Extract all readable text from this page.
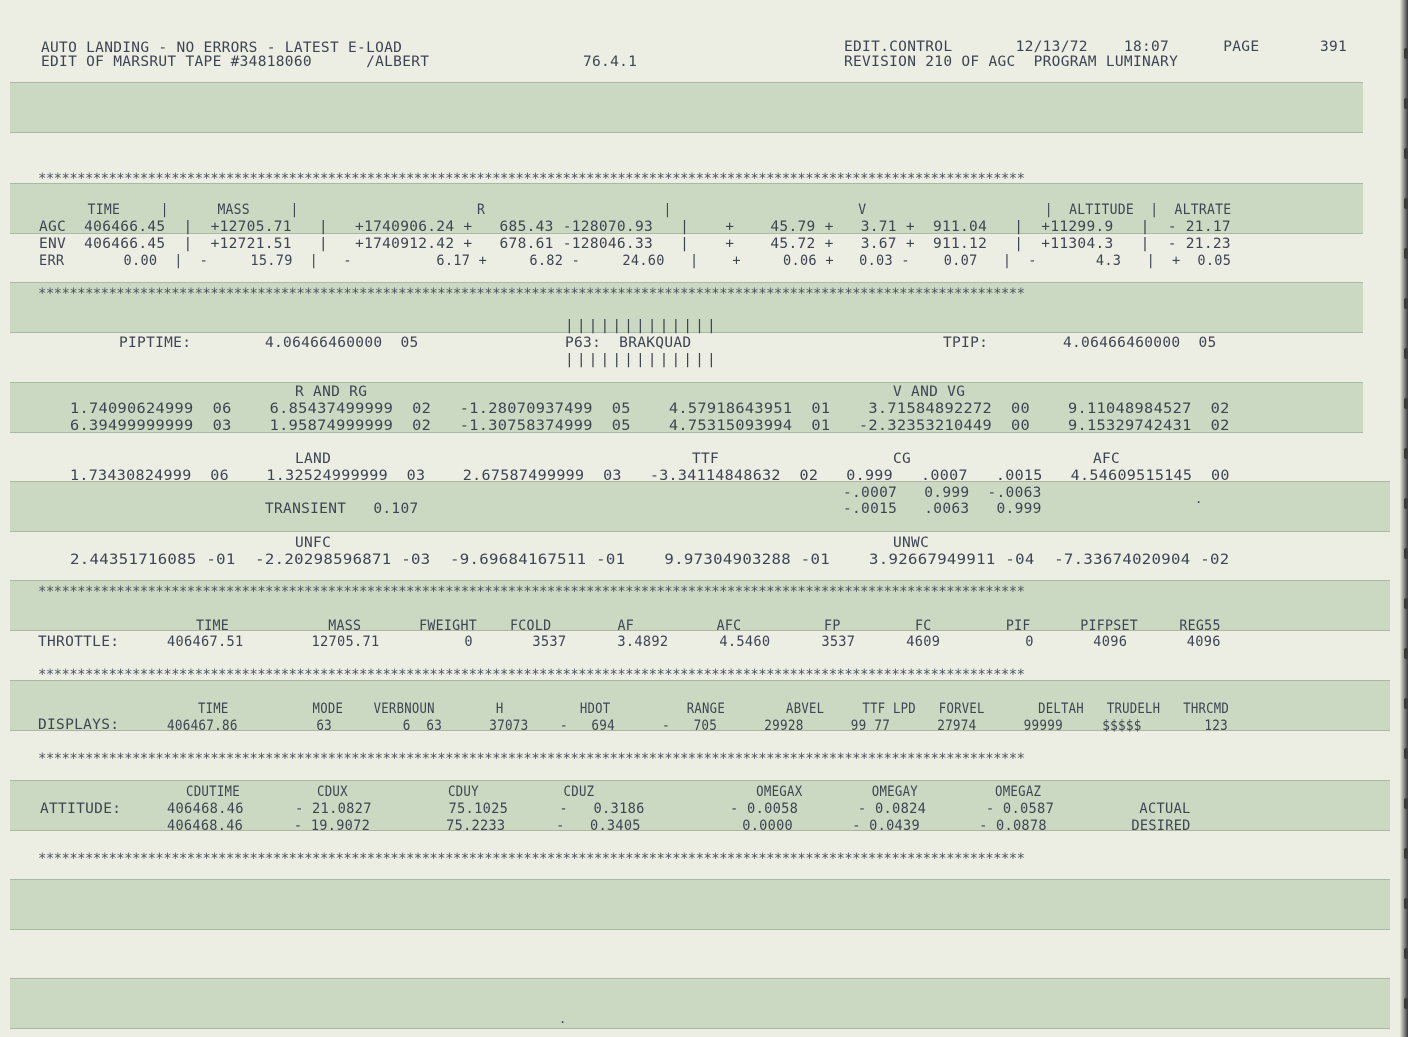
AUTO LANDING - NO ERRORS - LATEST E-LOAD
EDIT OF MARSRUT TAPE #34818060      /ALBERT	76.4.1
EDIT.CONTROL       12/13/72    18:07      PAGE
REVISION 210 OF AGC  PROGRAM LUMINARY
391
******************************************************************************************************************************
******************************************************************************************************************************
******************************************************************************************************************************
******************************************************************************************************************************
******************************************************************************************************************************
******************************************************************************************************************************
TIME     |      MASS     |                      R                      |                       V                      |  ALTITUDE  |  ALTRATE
AGC  406466.45  |  +12705.71   |   +1740906.24 +   685.43 -128070.93   |    +    45.79 +   3.71 +  911.04   |  +11299.9   |  - 21.17
ENV  406466.45  |  +12721.51   |   +1740912.42 +   678.61 -128046.33   |    +    45.72 +   3.67 +  911.12   |  +11304.3   |  - 21.23
ERR       0.00  |  -     15.79  |   -          6.17 +     6.82 -     24.60   |    +     0.06 +   0.03 -    0.07   |  -       4.3   |  +  0.05
|||||||||||||
PIPTIME:	4.06466460000  05	P63:  BRAKQUAD
|||||||||||||
TPIP:	4.06466460000  05
R AND RG	V AND VG
1.74090624999  06    6.85437499999  02   -1.28070937499  05    4.57918643951  01    3.71584892272  00    9.11048984527  02
6.39499999999  03    1.95874999999  02   -1.30758374999  05    4.75315093994  01   -2.32353210449  00    9.15329742431  02
LAND	TTF	CG	AFC
1.73430824999  06    1.32524999999  03    2.67587499999  03   -3.34114848632  02   0.999   .0007   .0015   4.54609515145  00
-.0007   0.999  -.0063
-.0015   .0063   0.999
TRANSIENT   0.107
UNFC	UNWC
2.44351716085 -01  -2.20298596871 -03  -9.69684167511 -01    9.97304903288 -01    3.92667949911 -04  -7.33674020904 -02
TIME            MASS       FWEIGHT    FCOLD        AF          AFC          FP         FC         PIF      PIFPSET     REG55
THROTTLE:	406467.51        12705.71          0       3537      3.4892      4.5460      3537      4609          0       4096       4096
TIME           MODE    VERBNOUN        H          HDOT          RANGE        ABVEL     TTF LPD   FORVEL       DELTAH   TRUDELH   THRCMD
DISPLAYS:	406467.86          63         6  63      37073    -   694      -   705      29928      99 77      27974      99999     $$$$$        123
CDUTIME          CDUX             CDUY           CDUZ                     OMEGAX         OMEGAY          OMEGAZ
ATTITUDE:	406468.46      - 21.0827         75.1025      -   0.3186          - 0.0058       - 0.0824       - 0.0587          ACTUAL
406468.46      - 19.9072         75.2233      -   0.3405            0.0000       - 0.0439       - 0.0878          DESIRED
.
.
